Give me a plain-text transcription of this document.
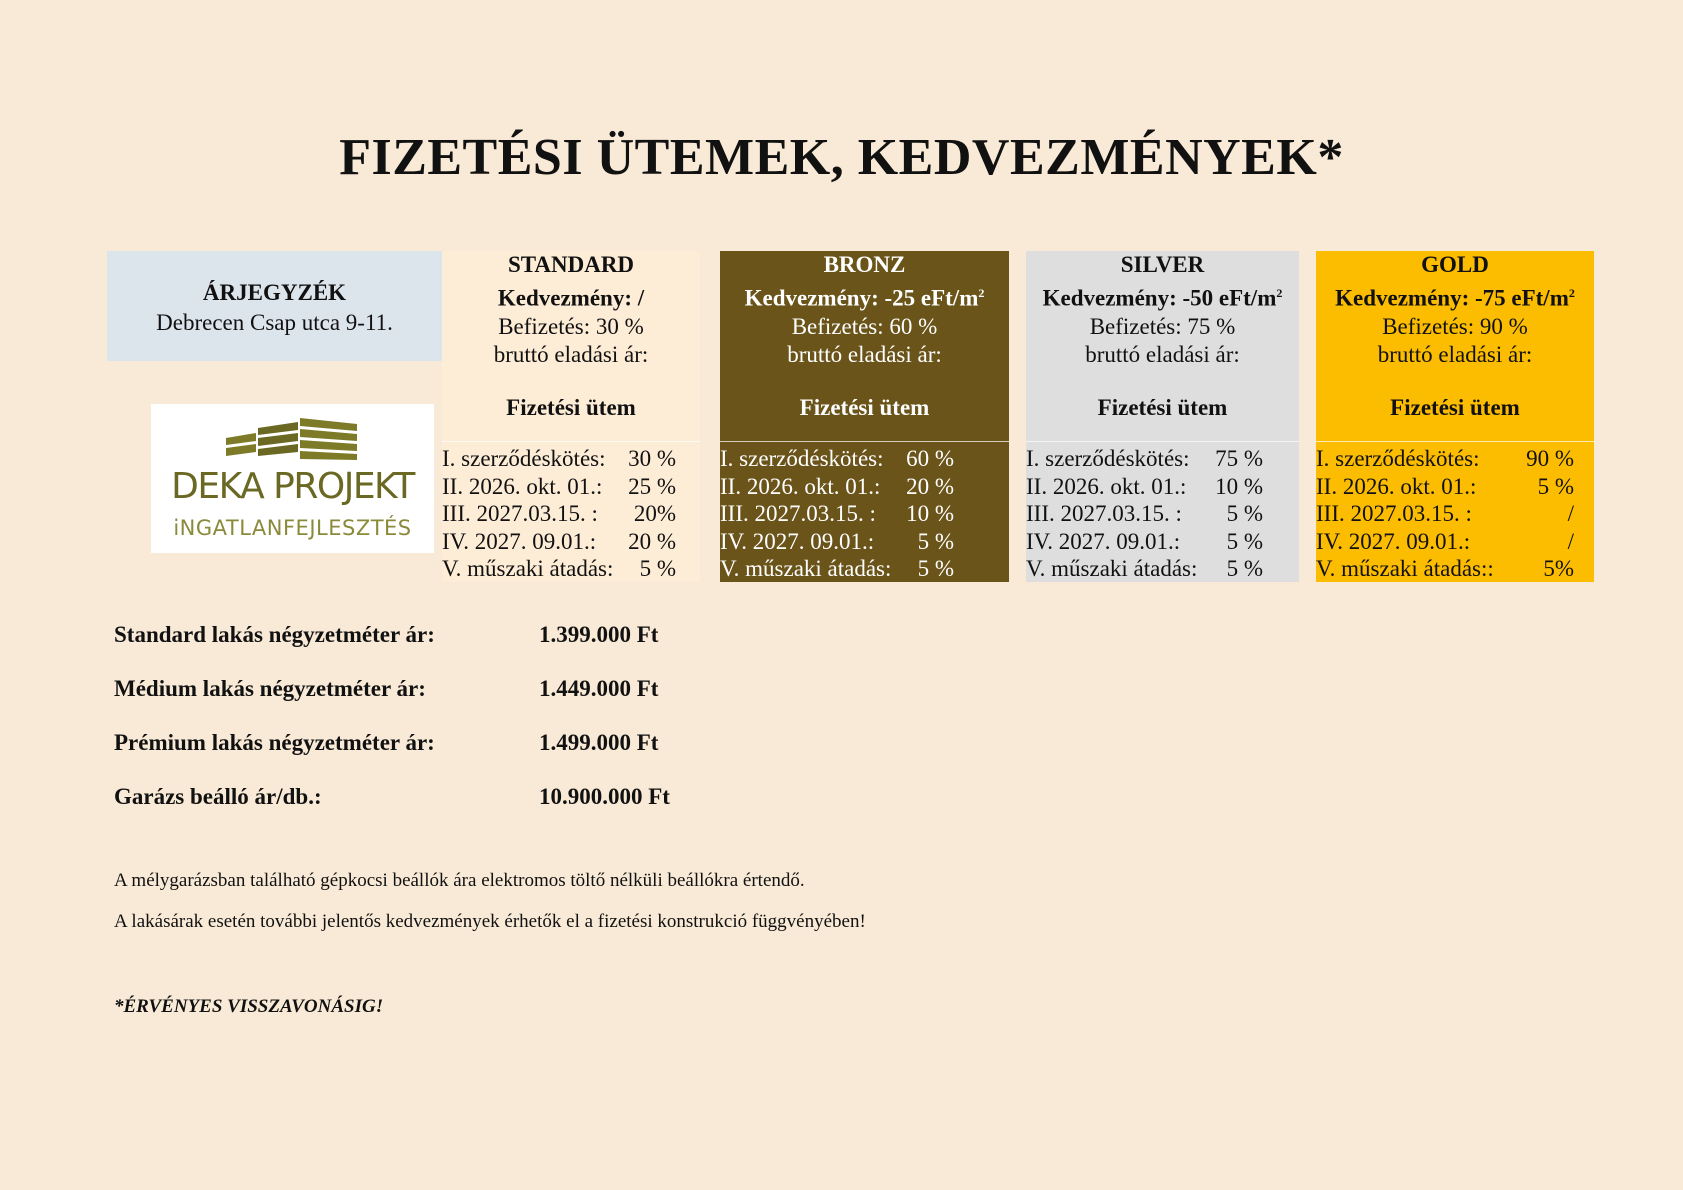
FIZETÉSI ÜTEMEK, KEDVEZMÉNYEK*
ÁRJEGYZÉK
Debrecen Csap utca 9-11.
DEKA PROJEKT
iNGATLANFEJLESZTÉS
STANDARD
Kedvezmény: /
Befizetés: 30 %
bruttó eladási ár:
Fizetési ütem
I. szerződéskötés: 30 %
II. 2026. okt. 01.: 25 %
III. 2027.03.15. : 20%
IV. 2027. 09.01.: 20 %
V. műszaki átadás: 5 %
BRONZ
Kedvezmény: -25 eFt/$m^2$
Befizetés: 60 %
bruttó eladási ár:
Fizetési ütem
I. szerződéskötés: 60 %
II. 2026. okt. 01.: 20 %
III. 2027.03.15. : 10 %
IV. 2027. 09.01.: 5 %
V. műszaki átadás: 5 %
SILVER
Kedvezmény: -50 eFt/$m^2$
Befizetés: 75 %
bruttó eladási ár:
Fizetési ütem
I. szerződéskötés: 75 %
II. 2026. okt. 01.: 10 %
III. 2027.03.15. : 5 %
IV. 2027. 09.01.: 5 %
V. műszaki átadás: 5 %
GOLD
Kedvezmény: -75 eFt/$m^2$
Befizetés: 90 %
bruttó eladási ár:
Fizetési ütem
I. szerződéskötés: 90 %
II. 2026. okt. 01.:	5 %
III. 2027.03.15. :	/
IV. 2027. 09.01.:	/
V. műszaki átadás:: 5%
Standard lakás négyzetméter ár:	1.399.000 Ft
Médium lakás négyzetméter ár:	1.449.000 Ft
Prémium lakás négyzetméter ár:	1.499.000 Ft
Garázs beálló ár/db.:	10.900.000 Ft
A mélygarázsban található gépkocsi beállók ára elektromos töltő nélküli beállókra értendő.
A lakásárak esetén további jelentős kedvezmények érhetők el a fizetési konstrukció függvényében!
*ÉRVÉNYES VISSZAVONÁSIG!
